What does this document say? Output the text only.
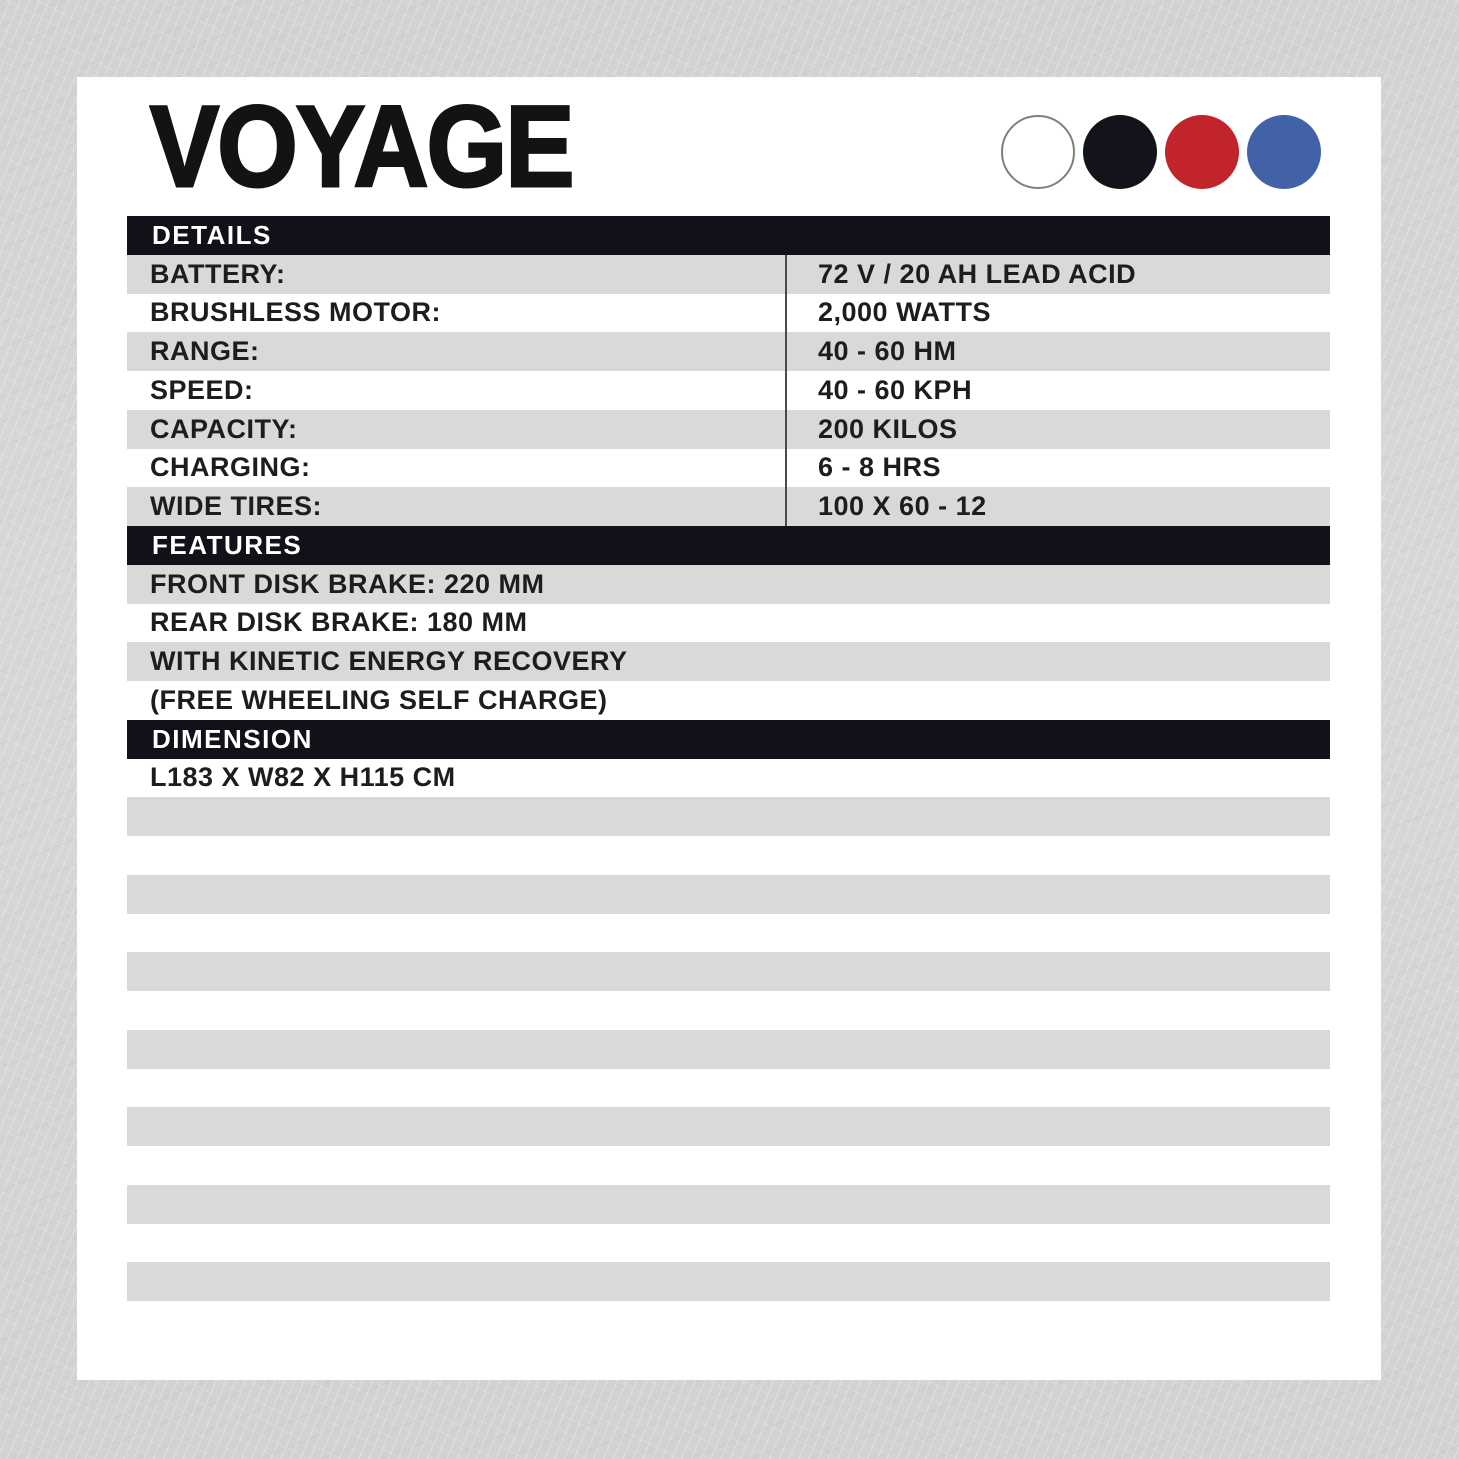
VOYAGE
DETAILS
BATTERY:	72 V / 20 AH LEAD ACID
BRUSHLESS MOTOR:	2,000 WATTS
RANGE:	40 - 60 HM
SPEED:	40 - 60 KPH
CAPACITY:	200 KILOS
CHARGING:	6 - 8 HRS
WIDE TIRES:	100 X 60 - 12
FEATURES
FRONT DISK BRAKE: 220 MM
REAR DISK BRAKE: 180 MM
WITH KINETIC ENERGY RECOVERY
(FREE WHEELING SELF CHARGE)
DIMENSION
L183 X W82 X H115 CM
